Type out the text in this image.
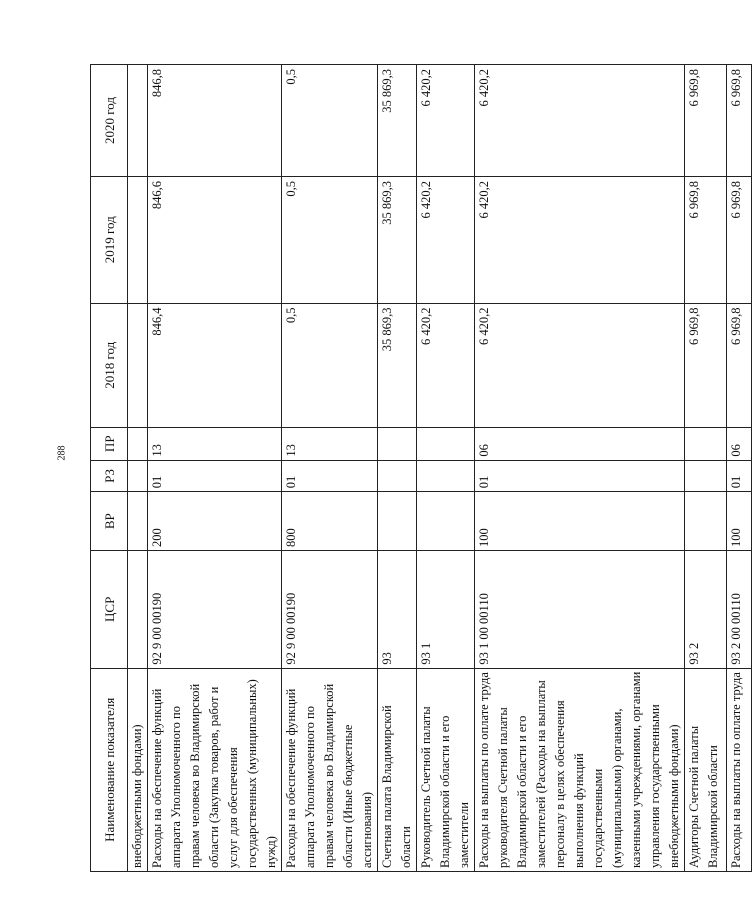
288
Наименование показателя	ЦСР	ВР	РЗ	ПР	2018 год	2019 год	2020 год
внебюджетными фондами)							
Расходы на обеспечение функций аппарата Уполномоченного по правам человека во Владимирской области (Закупка товаров, работ и услуг для обеспечения государственных (муниципальных) нужд)	92 9 00 00190	200	01	13	846,4	846,6	846,8
Расходы на обеспечение функций аппарата Уполномоченного по правам человека во Владимирской области (Иные бюджетные ассигнования)	92 9 00 00190	800	01	13	0,5	0,5	0,5
Счетная палата Владимирской области	93				35 869,3	35 869,3	35 869,3
Руководитель Счетной палаты Владимирской области и его заместители	93 1				6 420,2	6 420,2	6 420,2
Расходы на выплаты по оплате труда руководителя Счетной палаты Владимирской области и его заместителей (Расходы на выплаты персоналу в целях обеспечения выполнения функций государственными (муниципальными) органами, казенными учреждениями, органами управления государственными внебюджетными фондами)	93 1 00 00110	100	01	06	6 420,2	6 420,2	6 420,2
Аудиторы Счетной палаты Владимирской области	93 2				6 969,8	6 969,8	6 969,8
Расходы на выплаты по оплате труда	93 2 00 00110	100	01	06	6 969,8	6 969,8	6 969,8
